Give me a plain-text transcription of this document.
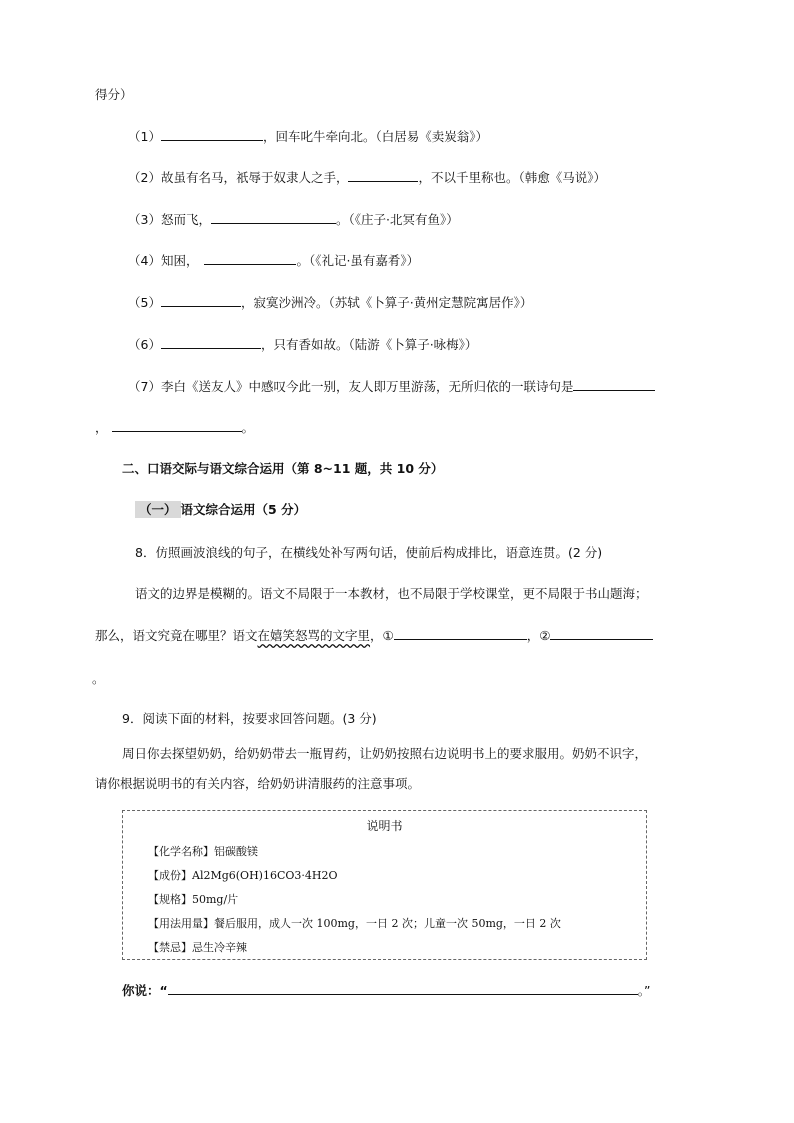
得分）
（1）	，回车叱牛牵向北。（白居易《卖炭翁》）
（2）故虽有名马，祇辱于奴隶人之手，	，不以千里称也。（韩愈《马说》）
（3）怒而飞，	。（《庄子·北冥有鱼》）
（4）知困，	。（《礼记·虽有嘉肴》）
（5）	，寂寞沙洲冷。（苏轼《卜算子·黄州定慧院寓居作》）
（6）	，只有香如故。（陆游《卜算子·咏梅》）
（7）李白《送友人》中感叹今此一别，友人即万里游荡，无所归依的一联诗句是
，	。
二、口语交际与语文综合运用（第 8~11 题，共 10 分）
（一） 语文综合运用（5 分）
8．仿照画波浪线的句子，在横线处补写两句话，使前后构成排比，语意连贯。(2 分)
语文的边界是模糊的。语文不局限于一本教材，也不局限于学校课堂，更不局限于书山题海；
那么，语文究竟在哪里？语文在嬉笑怒骂的文字里，①	，②
。
9．阅读下面的材料，按要求回答问题。(3 分)
周日你去探望奶奶，给奶奶带去一瓶胃药，让奶奶按照右边说明书上的要求服用。奶奶不识字，
请你根据说明书的有关内容，给奶奶讲清服药的注意事项。
说明书
【化学名称】铝碳酸镁
【成份】Al2Mg6(OH)16CO3·4H2O
【规格】50mg/片
【用法用量】餐后服用，成人一次 100mg，一日 2 次；儿童一次 50mg，一日 2 次
【禁忌】忌生冷辛辣
你说：“	。”
